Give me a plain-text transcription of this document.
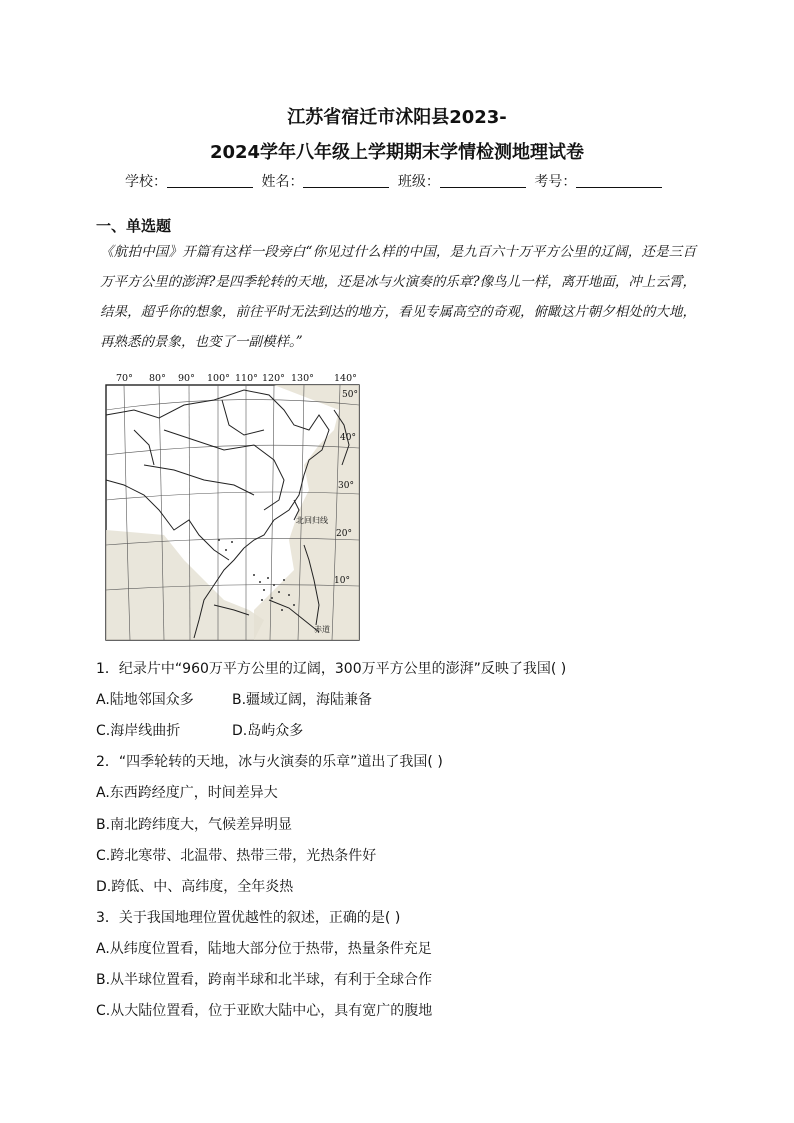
江苏省宿迁市沭阳县2023-
2024学年八年级上学期期末学情检测地理试卷
学校：	姓名：	班级：	考号：
一、单选题
《航拍中国》开篇有这样一段旁白“你见过什么样的中国，是九百六十万平方公里的辽阔，还是三百万平方公里的澎湃?是四季轮转的天地，还是冰与火演奏的乐章?像鸟儿一样，离开地面，冲上云霄，结果，超乎你的想象，前往平时无法到达的地方，看见专属高空的奇观，俯瞰这片朝夕相处的大地，再熟悉的景象，也变了一副模样。”
70° 80° 90° 100° 110° 120° 130° 140°
50°
40°
30°
20°
10°
北回归线
赤道
1．纪录片中“960万平方公里的辽阔，300万平方公里的澎湃”反映了我国( )
A.陆地邻国众多	B.疆域辽阔，海陆兼备
C.海岸线曲折	D.岛屿众多
2．“四季轮转的天地，冰与火演奏的乐章”道出了我国( )
A.东西跨经度广，时间差异大
B.南北跨纬度大，气候差异明显
C.跨北寒带、北温带、热带三带，光热条件好
D.跨低、中、高纬度，全年炎热
3．关于我国地理位置优越性的叙述，正确的是( )
A.从纬度位置看，陆地大部分位于热带，热量条件充足
B.从半球位置看，跨南半球和北半球，有利于全球合作
C.从大陆位置看，位于亚欧大陆中心，具有宽广的腹地
